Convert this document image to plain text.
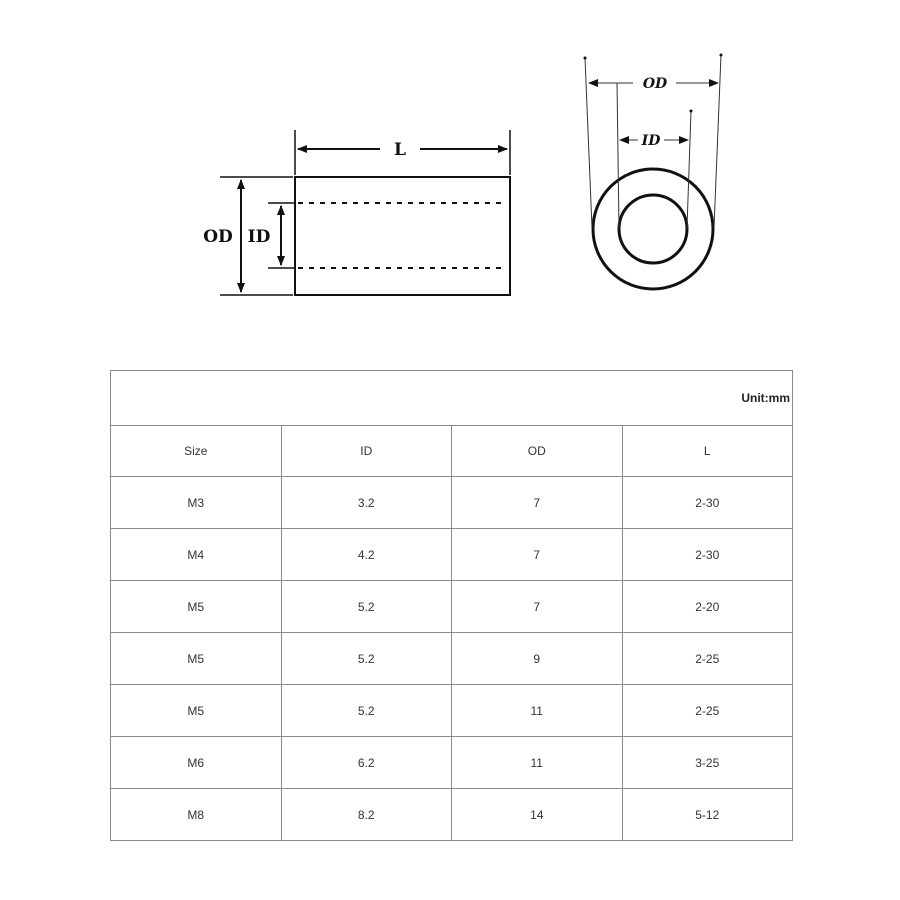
L
OD ID
OD
ID
Unit:mm			
Size	ID	OD	L
M3	3.2	7	2-30
M4	4.2	7	2-30
M5	5.2	7	2-20
M5	5.2	9	2-25
M5	5.2	11	2-25
M6	6.2	11	3-25
M8	8.2	14	5-12
